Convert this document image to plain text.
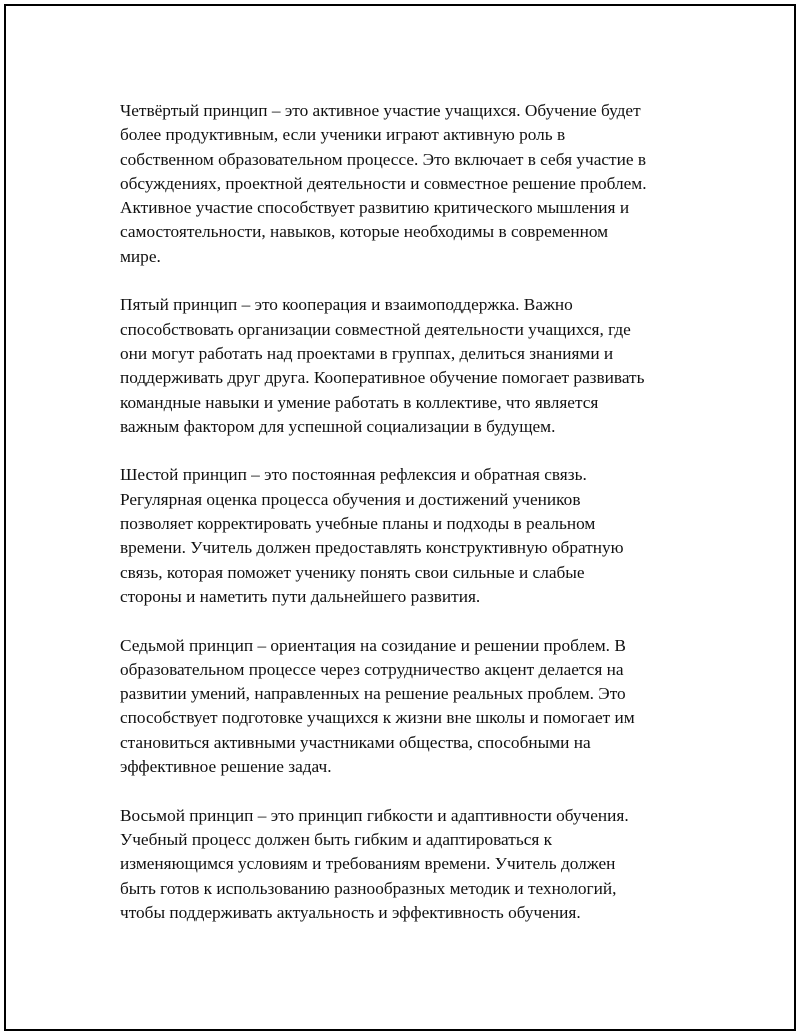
Четвёртый принцип – это активное участие учащихся. Обучение будет
более продуктивным, если ученики играют активную роль в
собственном образовательном процессе. Это включает в себя участие в
обсуждениях, проектной деятельности и совместное решение проблем.
Активное участие способствует развитию критического мышления и
самостоятельности, навыков, которые необходимы в современном
мире.

Пятый принцип – это кооперация и взаимоподдержка. Важно
способствовать организации совместной деятельности учащихся, где
они могут работать над проектами в группах, делиться знаниями и
поддерживать друг друга. Кооперативное обучение помогает развивать
командные навыки и умение работать в коллективе, что является
важным фактором для успешной социализации в будущем.

Шестой принцип – это постоянная рефлексия и обратная связь.
Регулярная оценка процесса обучения и достижений учеников
позволяет корректировать учебные планы и подходы в реальном
времени. Учитель должен предоставлять конструктивную обратную
связь, которая поможет ученику понять свои сильные и слабые
стороны и наметить пути дальнейшего развития.

Седьмой принцип – ориентация на созидание и решении проблем. В
образовательном процессе через сотрудничество акцент делается на
развитии умений, направленных на решение реальных проблем. Это
способствует подготовке учащихся к жизни вне школы и помогает им
становиться активными участниками общества, способными на
эффективное решение задач.

Восьмой принцип – это принцип гибкости и адаптивности обучения.
Учебный процесс должен быть гибким и адаптироваться к
изменяющимся условиям и требованиям времени. Учитель должен
быть готов к использованию разнообразных методик и технологий,
чтобы поддерживать актуальность и эффективность обучения.
